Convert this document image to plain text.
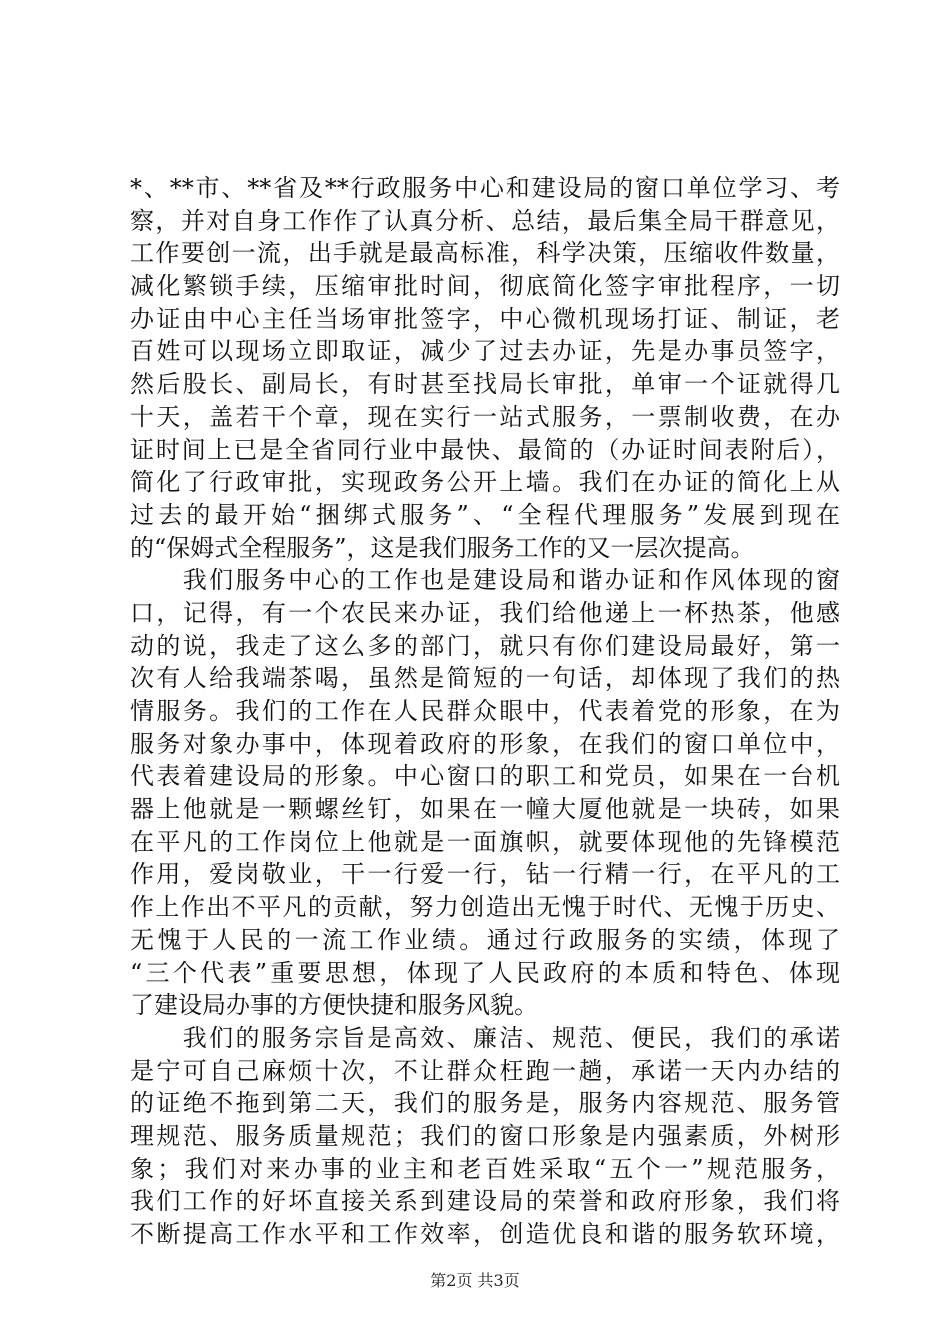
*、**市、**省及**行政服务中心和建设局的窗口单位学习、考
察，并对自身工作作了认真分析、总结，最后集全局干群意见，
工作要创一流，出手就是最高标准，科学决策，压缩收件数量，
减化繁锁手续，压缩审批时间，彻底简化签字审批程序，一切
办证由中心主任当场审批签字，中心微机现场打证、制证，老
百姓可以现场立即取证，减少了过去办证，先是办事员签字，
然后股长、副局长，有时甚至找局长审批，单审一个证就得几
十天，盖若干个章，现在实行一站式服务，一票制收费，在办
证时间上已是全省同行业中最快、最简的（办证时间表附后），
简化了行政审批，实现政务公开上墙。我们在办证的简化上从
过去的最开始“捆绑式服务”、“全程代理服务”发展到现在
的“保姆式全程服务”，这是我们服务工作的又一层次提高。
　　我们服务中心的工作也是建设局和谐办证和作风体现的窗
口，记得，有一个农民来办证，我们给他递上一杯热茶，他感
动的说，我走了这么多的部门，就只有你们建设局最好，第一
次有人给我端茶喝，虽然是简短的一句话，却体现了我们的热
情服务。我们的工作在人民群众眼中，代表着党的形象，在为
服务对象办事中，体现着政府的形象，在我们的窗口单位中，
代表着建设局的形象。中心窗口的职工和党员，如果在一台机
器上他就是一颗螺丝钉，如果在一幢大厦他就是一块砖，如果
在平凡的工作岗位上他就是一面旗帜，就要体现他的先锋模范
作用，爱岗敬业，干一行爱一行，钻一行精一行，在平凡的工
作上作出不平凡的贡献，努力创造出无愧于时代、无愧于历史、
无愧于人民的一流工作业绩。通过行政服务的实绩，体现了
“三个代表”重要思想，体现了人民政府的本质和特色、体现
了建设局办事的方便快捷和服务风貌。
　　我们的服务宗旨是高效、廉洁、规范、便民，我们的承诺
是宁可自己麻烦十次，不让群众枉跑一趟，承诺一天内办结的
的证绝不拖到第二天，我们的服务是，服务内容规范、服务管
理规范、服务质量规范；我们的窗口形象是内强素质，外树形
象；我们对来办事的业主和老百姓采取“五个一”规范服务，
我们工作的好坏直接关系到建设局的荣誉和政府形象，我们将
不断提高工作水平和工作效率，创造优良和谐的服务软环境，
第2页 共3页
